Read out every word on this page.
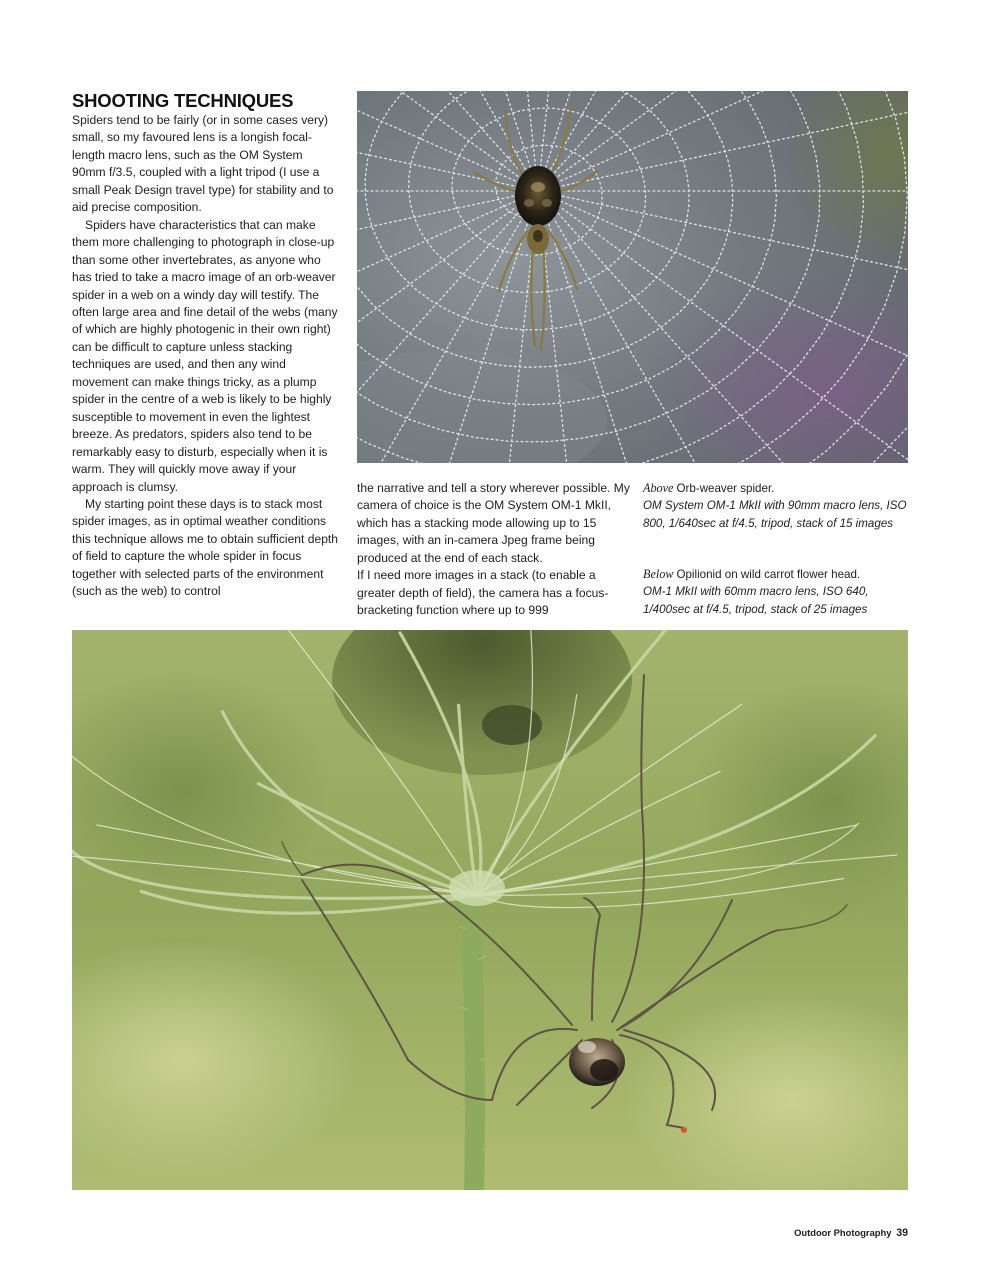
SHOOTING TECHNIQUES

Spiders tend to be fairly (or in some cases very) small, so my favoured lens is a longish focal-length macro lens, such as the OM System 90mm f/3.5, coupled with a light tripod (I use a small Peak Design travel type) for stability and to aid precise composition.

Spiders have characteristics that can make them more challenging to photograph in close-up than some other invertebrates, as anyone who has tried to take a macro image of an orb-weaver spider in a web on a windy day will testify. The often large area and fine detail of the webs (many of which are highly photogenic in their own right) can be difficult to capture unless stacking techniques are used, and then any wind movement can make things tricky, as a plump spider in the centre of a web is likely to be highly susceptible to movement in even the lightest breeze. As predators, spiders also tend to be remarkably easy to disturb, especially when it is warm. They will quickly move away if your approach is clumsy.

My starting point these days is to stack most spider images, as in optimal weather conditions this technique allows me to obtain sufficient depth of field to capture the whole spider in focus together with selected parts of the environment (such as the web) to control

the narrative and tell a story wherever possible. My camera of choice is the OM System OM-1 MkII, which has a stacking mode allowing up to 15 images, with an in-camera Jpeg frame being produced at the end of each stack.

If I need more images in a stack (to enable a greater depth of field), the camera has a focus-bracketing function where up to 999

Above Orb-weaver spider.
OM System OM-1 MkII with 90mm macro lens, ISO 800, 1/640sec at f/4.5, tripod, stack of 15 images
Below Opilionid on wild carrot flower head.
OM-1 MkII with 60mm macro lens, ISO 640, 1/400sec at f/4.5, tripod, stack of 25 images
Outdoor Photography 39
